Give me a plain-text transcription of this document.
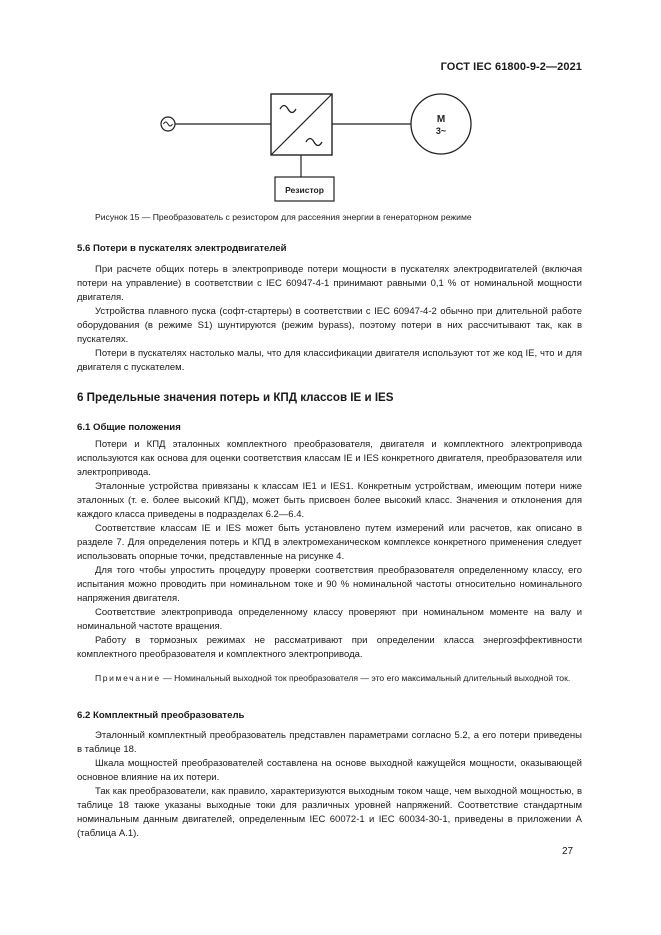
ГОСТ IEC 61800-9-2—2021
М
3~
Резистор
Рисунок 15 — Преобразователь с резистором для рассеяния энергии в генераторном режиме
5.6 Потери в пускателях электродвигателей

При расчете общих потерь в электроприводе потери мощности в пускателях электродвигателей (включая потери на управление) в соответствии с IEC 60947-4-1 принимают равными 0,1 % от номинальной мощности двигателя.

Устройства плавного пуска (софт-стартеры) в соответствии с IEC 60947-4-2 обычно при длительной работе оборудования (в режиме S1) шунтируются (режим bypass), поэтому потери в них рассчитывают так, как в пускателях.

Потери в пускателях настолько малы, что для классификации двигателя используют тот же код IE, что и для двигателя с пускателем.

6 Предельные значения потерь и КПД классов IE и IES
6.1 Общие положения

Потери и КПД эталонных комплектного преобразователя, двигателя и комплектного электропривода используются как основа для оценки соответствия классам IE и IES конкретного двигателя, преобразователя или электропривода.

Эталонные устройства привязаны к классам IE1 и IES1. Конкретным устройствам, имеющим потери ниже эталонных (т. е. более высокий КПД), может быть присвоен более высокий класс. Значения и отклонения для каждого класса приведены в подразделах 6.2—6.4.

Соответствие классам IE и IES может быть установлено путем измерений или расчетов, как описано в разделе 7. Для определения потерь и КПД в электромеханическом комплексе конкретного применения следует использовать опорные точки, представленные на рисунке 4.

Для того чтобы упростить процедуру проверки соответствия преобразователя определенному классу, его испытания можно проводить при номинальном токе и 90 % номинальной частоты относительно номинального напряжения двигателя.

Соответствие электропривода определенному классу проверяют при номинальном моменте на валу и номинальной частоте вращения.

Работу в тормозных режимах не рассматривают при определении класса энергоэффективности комплектного преобразователя и комплектного электропривода.

Примечание — Номинальный выходной ток преобразователя — это его максимальный длительный выходной ток.

6.2 Комплектный преобразователь

Эталонный комплектный преобразователь представлен параметрами согласно 5.2, а его потери приведены в таблице 18.

Шкала мощностей преобразователей составлена на основе выходной кажущейся мощности, оказывающей основное влияние на их потери.

Так как преобразователи, как правило, характеризуются выходным током чаще, чем выходной мощностью, в таблице 18 также указаны выходные токи для различных уровней напряжений. Соответствие стандартным номинальным данным двигателей, определенным IEC 60072-1 и IEC 60034-30-1, приведены в приложении А (таблица А.1).

27
